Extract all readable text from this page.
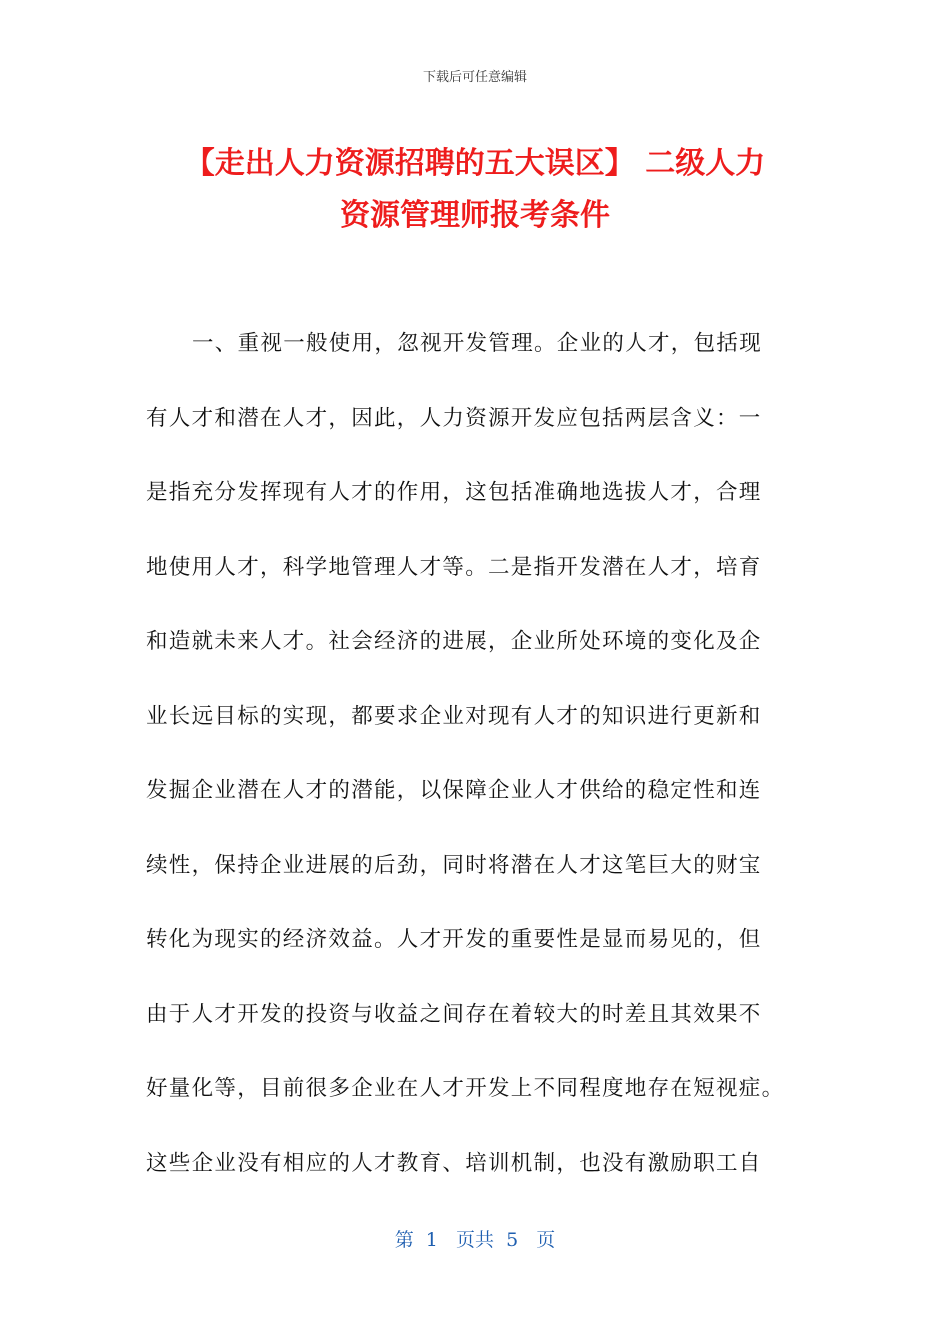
下载后可任意编辑
【走出人力资源招聘的五大误区】 二级人力
资源管理师报考条件
一、重视一般使用，忽视开发管理。企业的人才，包括现
有人才和潜在人才，因此，人力资源开发应包括两层含义：一
是指充分发挥现有人才的作用，这包括准确地选拔人才，合理
地使用人才，科学地管理人才等。二是指开发潜在人才，培育
和造就未来人才。社会经济的进展，企业所处环境的变化及企
业长远目标的实现，都要求企业对现有人才的知识进行更新和
发掘企业潜在人才的潜能，以保障企业人才供给的稳定性和连
续性，保持企业进展的后劲，同时将潜在人才这笔巨大的财宝
转化为现实的经济效益。人才开发的重要性是显而易见的，但
由于人才开发的投资与收益之间存在着较大的时差且其效果不
好量化等，目前很多企业在人才开发上不同程度地存在短视症。
这些企业没有相应的人才教育、培训机制，也没有激励职工自
第  1   页共  5   页
